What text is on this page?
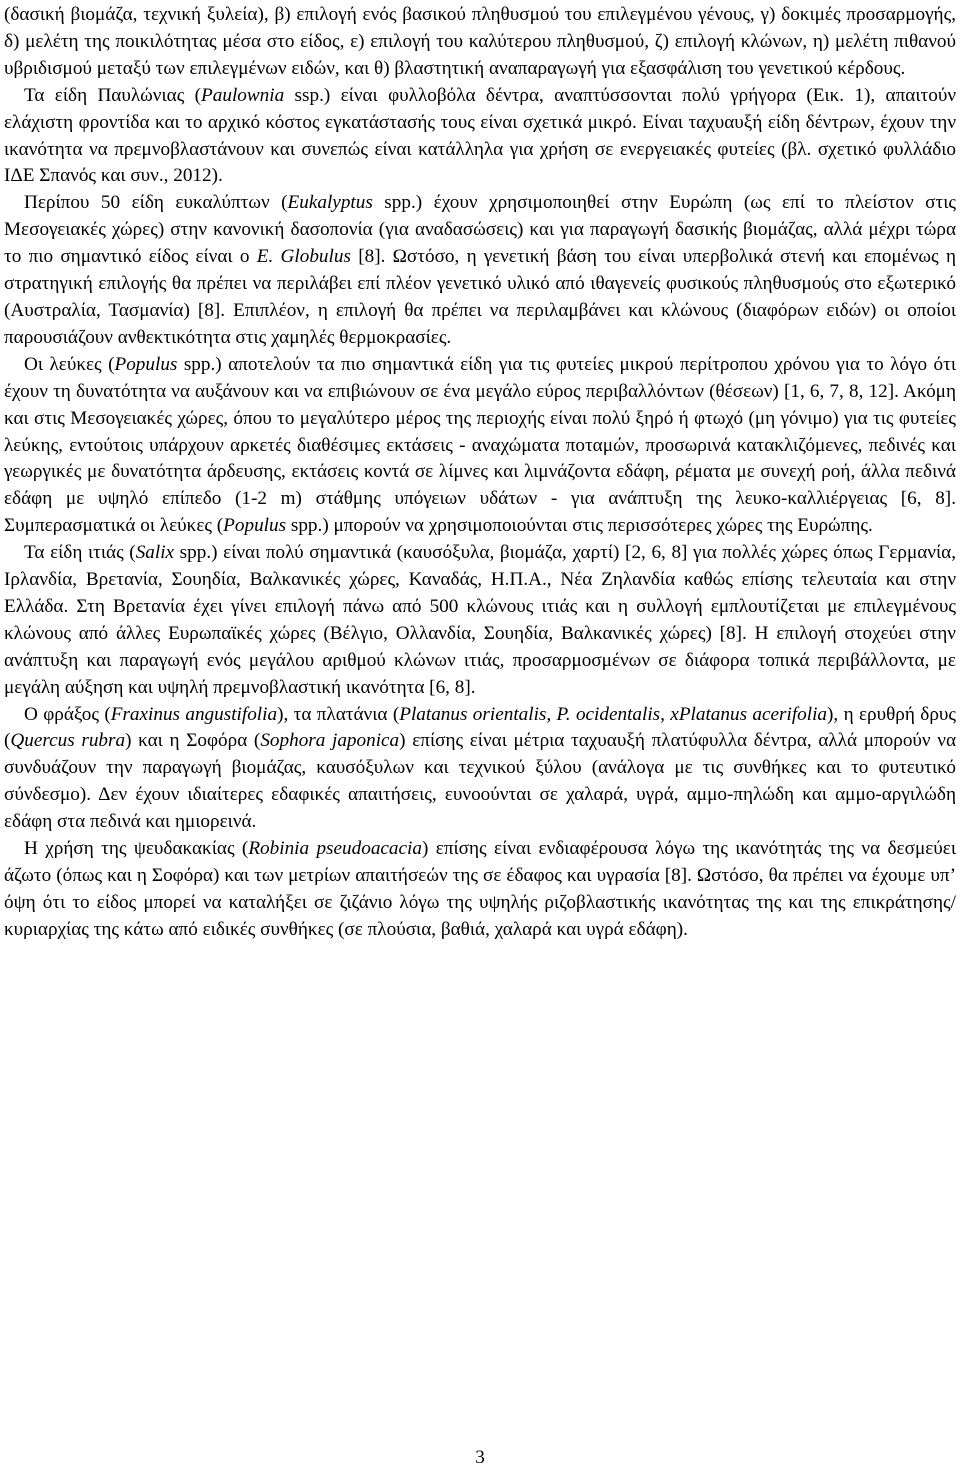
(δασική βιομάζα, τεχνική ξυλεία), β) επιλογή ενός βασικού πληθυσμού του επιλεγμένου γένους, γ) δοκιμές προσαρμογής, δ) μελέτη της ποικιλότητας μέσα στο είδος, ε) επιλογή του καλύτερου πληθυσμού, ζ) επιλογή κλώνων, η) μελέτη πιθανού υβριδισμού μεταξύ των επιλεγμένων ειδών, και θ) βλαστητική αναπαραγωγή για εξασφάλιση του γενετικού κέρδους.

Τα είδη Παυλώνιας (Paulownia ssp.) είναι φυλλοβόλα δέντρα, αναπτύσσονται πολύ γρήγορα (Εικ. 1), απαιτούν ελάχιστη φροντίδα και το αρχικό κόστος εγκατάστασής τους είναι σχετικά μικρό. Είναι ταχυαυξή είδη δέντρων, έχουν την ικανότητα να πρεμνοβλαστάνουν και συνεπώς είναι κατάλληλα για χρήση σε ενεργειακές φυτείες (βλ. σχετικό φυλλάδιο ΙΔΕ Σπανός και συν., 2012).

Περίπου 50 είδη ευκαλύπτων (Eukalyptus spp.) έχουν χρησιμοποιηθεί στην Ευρώπη (ως επί το πλείστον στις Μεσογειακές χώρες) στην κανονική δασοπονία (για αναδασώσεις) και για παραγωγή δασικής βιομάζας, αλλά μέχρι τώρα το πιο σημαντικό είδος είναι ο E. Globulus [8]. Ωστόσο, η γενετική βάση του είναι υπερβολικά στενή και επομένως η στρατηγική επιλογής θα πρέπει να περιλάβει επί πλέον γενετικό υλικό από ιθαγενείς φυσικούς πληθυσμούς στο εξωτερικό (Αυστραλία, Τασμανία) [8]. Επιπλέον, η επιλογή θα πρέπει να περιλαμβάνει και κλώνους (διαφόρων ειδών) οι οποίοι παρουσιάζουν ανθεκτικότητα στις χαμηλές θερμοκρασίες.

Οι λεύκες (Populus spp.) αποτελούν τα πιο σημαντικά είδη για τις φυτείες μικρού περίτροπου χρόνου για το λόγο ότι έχουν τη δυνατότητα να αυξάνουν και να επιβιώνουν σε ένα μεγάλο εύρος περιβαλλόντων (θέσεων) [1, 6, 7, 8, 12]. Ακόμη και στις Μεσογειακές χώρες, όπου το μεγαλύτερο μέρος της περιοχής είναι πολύ ξηρό ή φτωχό (μη γόνιμο) για τις φυτείες λεύκης, εντούτοις υπάρχουν αρκετές διαθέσιμες εκτάσεις - αναχώματα ποταμών, προσωρινά κατακλιζόμενες, πεδινές και γεωργικές με δυνατότητα άρδευσης, εκτάσεις κοντά σε λίμνες και λιμνάζοντα εδάφη, ρέματα με συνεχή ροή, άλλα πεδινά εδάφη με υψηλό επίπεδο (1-2 m) στάθμης υπόγειων υδάτων - για ανάπτυξη της λευκο-καλλιέργειας [6, 8]. Συμπερασματικά οι λεύκες (Populus spp.) μπορούν να χρησιμοποιούνται στις περισσότερες χώρες της Ευρώπης.

Τα είδη ιτιάς (Salix spp.) είναι πολύ σημαντικά (καυσόξυλα, βιομάζα, χαρτί) [2, 6, 8] για πολλές χώρες όπως Γερμανία, Ιρλανδία, Βρετανία, Σουηδία, Βαλκανικές χώρες, Καναδάς, Η.Π.Α., Νέα Ζηλανδία καθώς επίσης τελευταία και στην Ελλάδα. Στη Βρετανία έχει γίνει επιλογή πάνω από 500 κλώνους ιτιάς και η συλλογή εμπλουτίζεται με επιλεγμένους κλώνους από άλλες Ευρωπαϊκές χώρες (Βέλγιο, Ολλανδία, Σουηδία, Βαλκανικές χώρες) [8]. Η επιλογή στοχεύει στην ανάπτυξη και παραγωγή ενός μεγάλου αριθμού κλώνων ιτιάς, προσαρμοσμένων σε διάφορα τοπικά περιβάλλοντα, με μεγάλη αύξηση και υψηλή πρεμνοβλαστική ικανότητα [6, 8].

Ο φράξος (Fraxinus angustifolia), τα πλατάνια (Platanus orientalis, P. ocidentalis, xPlatanus acerifolia), η ερυθρή δρυς (Quercus rubra) και η Σοφόρα (Sophora japonica) επίσης είναι μέτρια ταχυαυξή πλατύφυλλα δέντρα, αλλά μπορούν να συνδυάζουν την παραγωγή βιομάζας, καυσόξυλων και τεχνικού ξύλου (ανάλογα με τις συνθήκες και το φυτευτικό σύνδεσμο). Δεν έχουν ιδιαίτερες εδαφικές απαιτήσεις, ευνοούνται σε χαλαρά, υγρά, αμμο-πηλώδη και αμμο-αργιλώδη εδάφη στα πεδινά και ημιορεινά.

Η χρήση της ψευδακακίας (Robinia pseudoacacia) επίσης είναι ενδιαφέρουσα λόγω της ικανότητάς της να δεσμεύει άζωτο (όπως και η Σοφόρα) και των μετρίων απαιτήσεών της σε έδαφος και υγρασία [8]. Ωστόσο, θα πρέπει να έχουμε υπ’ όψη ότι το είδος μπορεί να καταλήξει σε ζιζάνιο λόγω της υψηλής ριζοβλαστικής ικανότητας της και της επικράτησης/κυριαρχίας της κάτω από ειδικές συνθήκες (σε πλούσια, βαθιά, χαλαρά και υγρά εδάφη).

3
